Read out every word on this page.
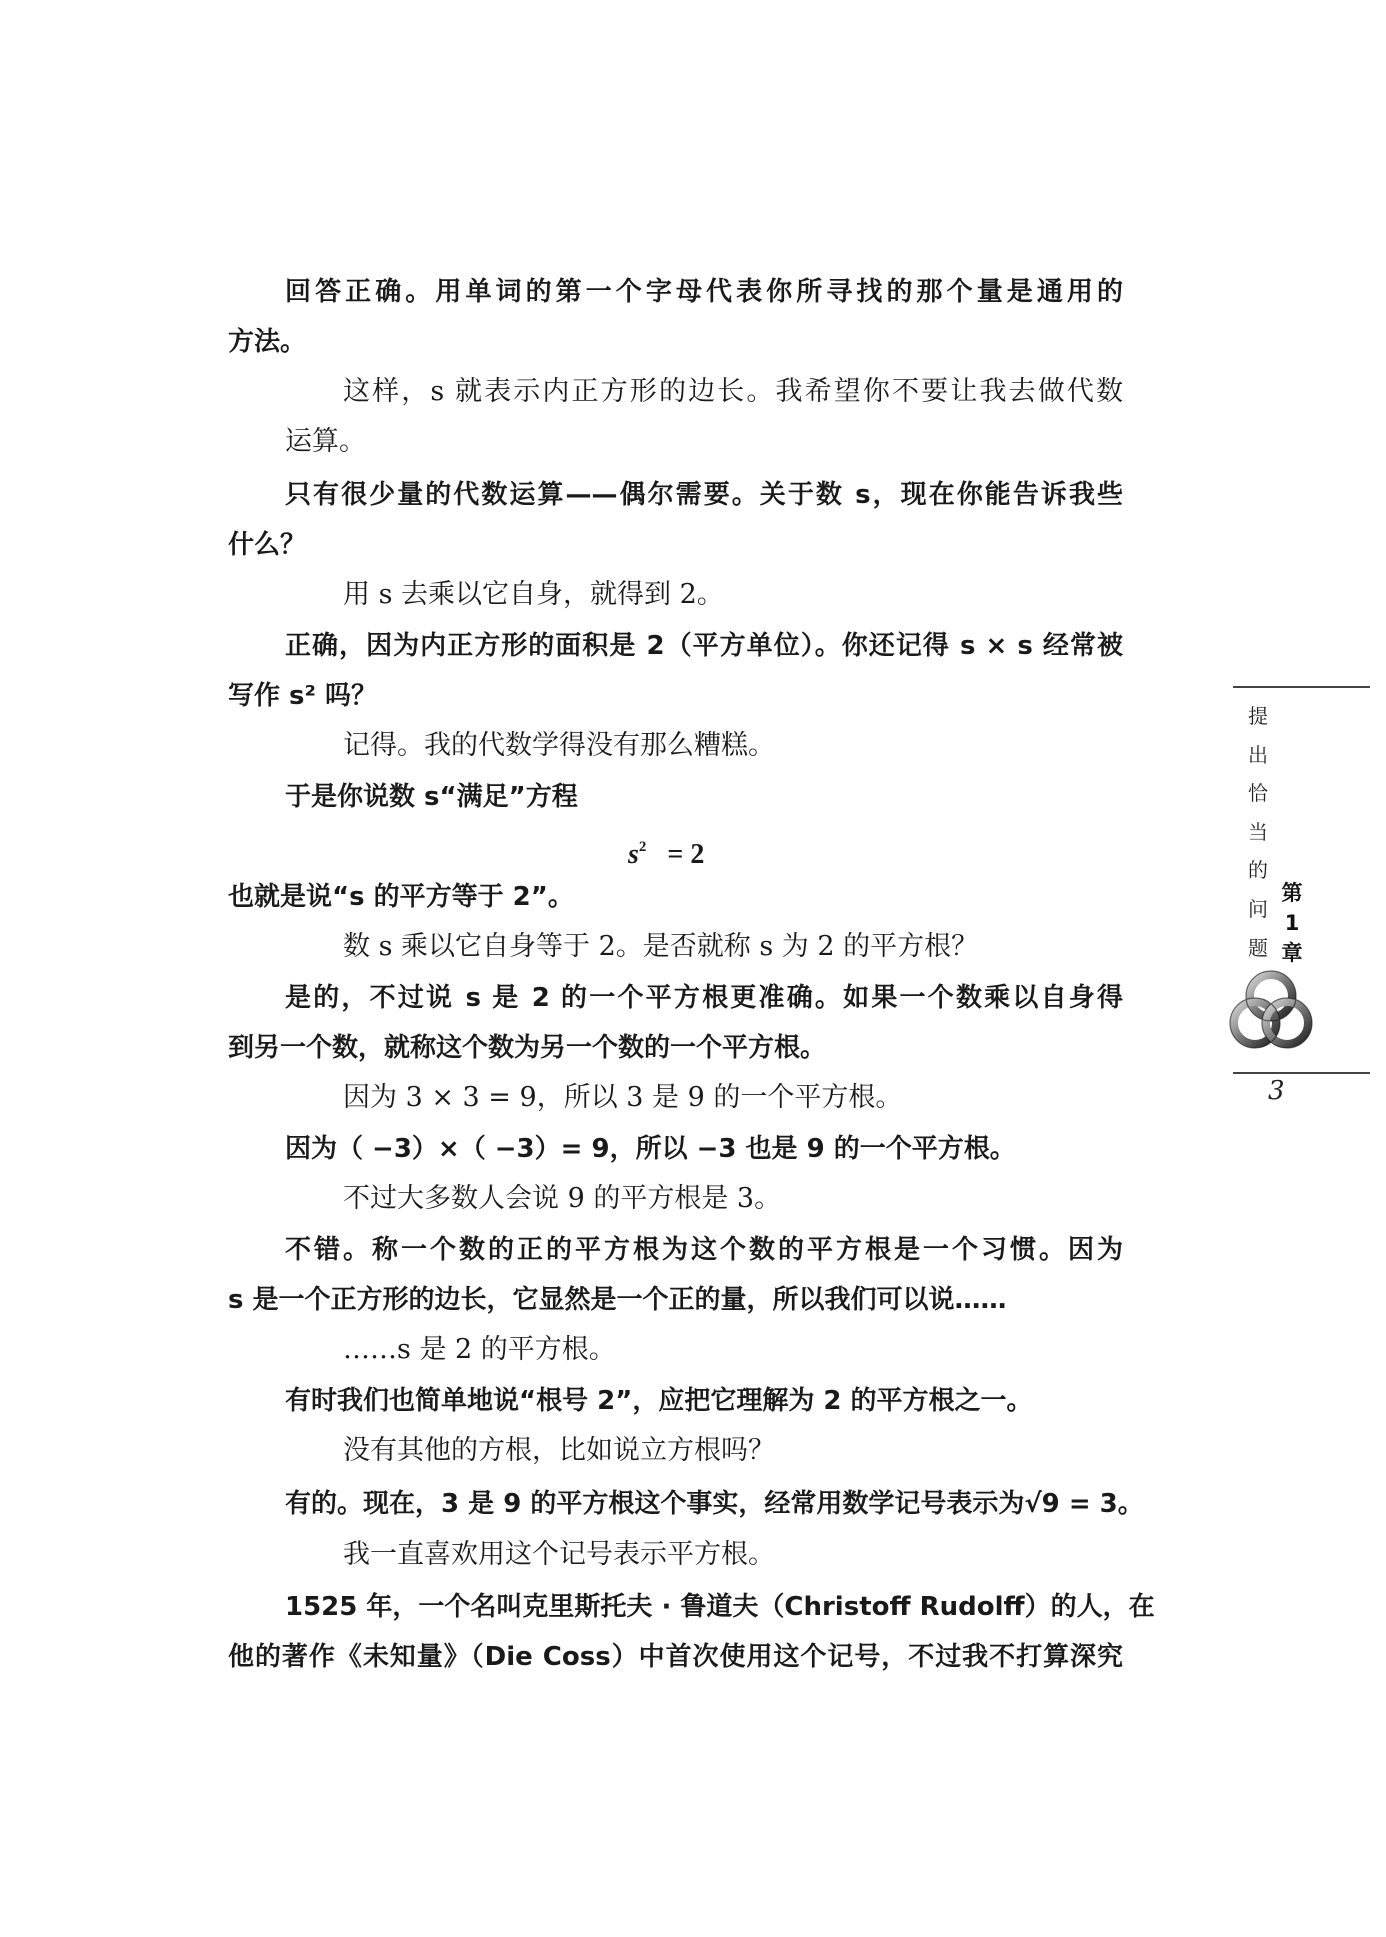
回答正确。用单词的第一个字母代表你所寻找的那个量是通用的
方法。
这样，s 就表示内正方形的边长。我希望你不要让我去做代数
运算。
只有很少量的代数运算——偶尔需要。关于数 s，现在你能告诉我些
什么？
用 s 去乘以它自身，就得到 2。
正确，因为内正方形的面积是 2（平方单位）。你还记得 s × s 经常被
写作 s² 吗？
记得。我的代数学得没有那么糟糕。
于是你说数 s“满足”方程
$s^2 = 2$
也就是说“s 的平方等于 2”。
数 s 乘以它自身等于 2。是否就称 s 为 2 的平方根？
是的，不过说 s 是 2 的一个平方根更准确。如果一个数乘以自身得
到另一个数，就称这个数为另一个数的一个平方根。
因为 3 × 3 = 9，所以 3 是 9 的一个平方根。
因为（ −3）×（ −3）= 9，所以 −3 也是 9 的一个平方根。
不过大多数人会说 9 的平方根是 3。
不错。称一个数的正的平方根为这个数的平方根是一个习惯。因为
s 是一个正方形的边长，它显然是一个正的量，所以我们可以说……
……s 是 2 的平方根。
有时我们也简单地说“根号 2”，应把它理解为 2 的平方根之一。
没有其他的方根，比如说立方根吗？
有的。现在，3 是 9 的平方根这个事实，经常用数学记号表示为√9 = 3。
我一直喜欢用这个记号表示平方根。
1525 年，一个名叫克里斯托夫 · 鲁道夫（Christoff Rudolff）的人，在
他的著作《未知量》（Die Coss）中首次使用这个记号，不过我不打算深究
提
出
恰
当
的
问
题
第
1
章
3
